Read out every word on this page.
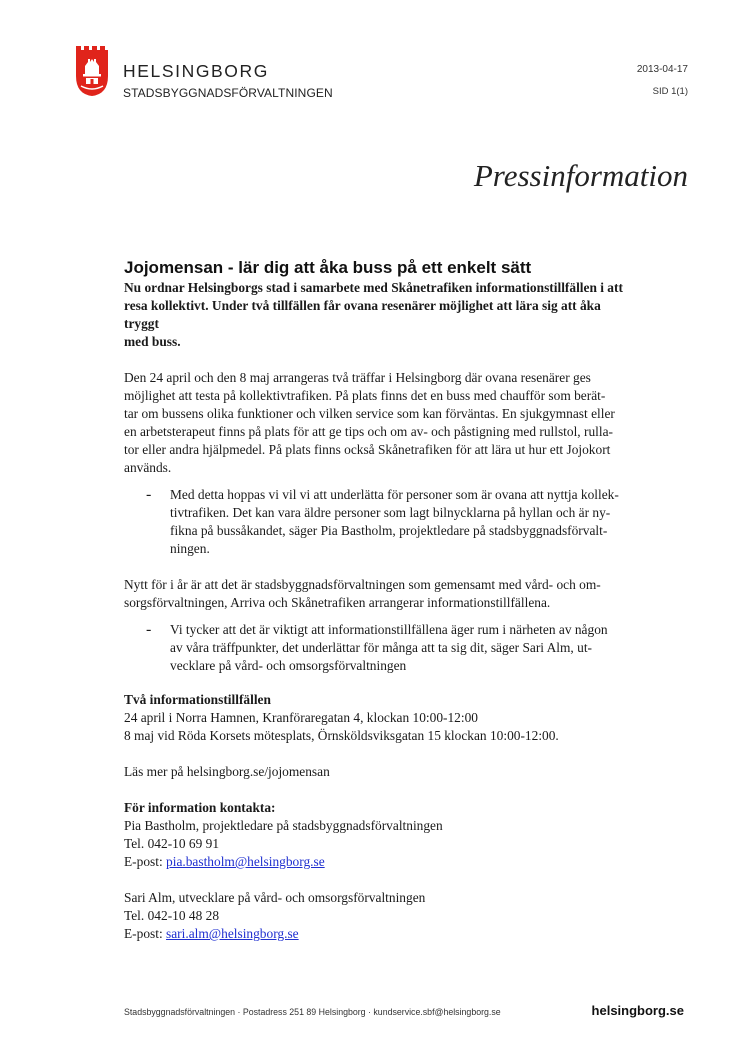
HELSINGBORG
STADSBYGGNADSFÖRVALTNINGEN
2013-04-17
SID 1(1)
Pressinformation
Jojomensan - lär dig att åka buss på ett enkelt sätt
Nu ordnar Helsingborgs stad i samarbete med Skånetrafiken informationstillfällen i att
resa kollektivt. Under två tillfällen får ovana resenärer möjlighet att lära sig att åka tryggt
med buss.

Den 24 april och den 8 maj arrangeras två träffar i Helsingborg där ovana resenärer ges

möjlighet att testa på kollektivtrafiken. På plats finns det en buss med chaufför som berät-

tar om bussens olika funktioner och vilken service som kan förväntas. En sjukgymnast eller

en arbetsterapeut finns på plats för att ge tips och om av- och påstigning med rullstol, rulla-

tor eller andra hjälpmedel. På plats finns också Skånetrafiken för att lära ut hur ett Jojokort

används.

- Med detta hoppas vi vil vi att underlätta för personer som är ovana att nyttja kollek-

tivtrafiken. Det kan vara äldre personer som lagt bilnycklarna på hyllan och är ny-

fikna på bussåkandet, säger Pia Bastholm, projektledare på stadsbyggnadsförvalt-

ningen.

Nytt för i år är att det är stadsbyggnadsförvaltningen som gemensamt med vård- och om-

sorgsförvaltningen, Arriva och Skånetrafiken arrangerar informationstillfällena.

- Vi tycker att det är viktigt att informationstillfällena äger rum i närheten av någon

av våra träffpunkter, det underlättar för många att ta sig dit, säger Sari Alm, ut-

vecklare på vård- och omsorgsförvaltningen

Två informationstillfällen

24 april i Norra Hamnen, Kranföraregatan 4, klockan 10:00-12:00

8 maj vid Röda Korsets mötesplats, Örnsköldsviksgatan 15 klockan 10:00-12:00.

Läs mer på helsingborg.se/jojomensan

För information kontakta:

Pia Bastholm, projektledare på stadsbyggnadsförvaltningen

Tel. 042-10 69 91

E-post: pia.bastholm@helsingborg.se

Sari Alm, utvecklare på vård- och omsorgsförvaltningen

Tel. 042-10 48 28

E-post: sari.alm@helsingborg.se

Stadsbyggnadsförvaltningen · Postadress 251 89 Helsingborg · kundservice.sbf@helsingborg.se	helsingborg.se
